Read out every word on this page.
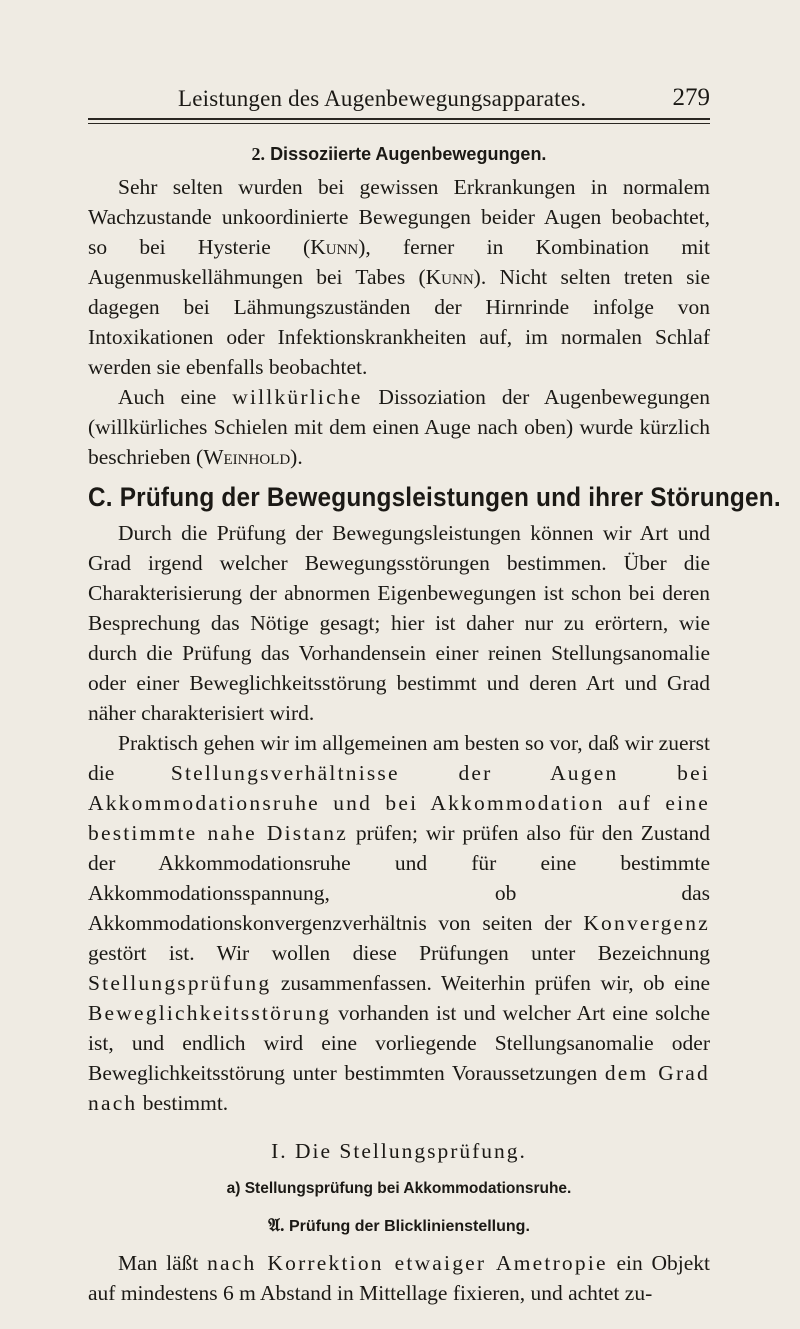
Leistungen des Augenbewegungsapparates.	279
2. Dissoziierte Augenbewegungen.

Sehr selten wurden bei gewissen Erkrankungen in normalem Wachzustande unkoordinierte Bewegungen beider Augen beobachtet, so bei Hysterie (Kunn), ferner in Kombination mit Augenmuskellähmungen bei Tabes (Kunn). Nicht selten treten sie dagegen bei Lähmungszuständen der Hirnrinde infolge von Intoxikationen oder Infektionskrankheiten auf, im normalen Schlaf werden sie ebenfalls beobachtet.

Auch eine willkürliche Dissoziation der Augenbewegungen (willkürliches Schielen mit dem einen Auge nach oben) wurde kürzlich beschrieben (Weinhold).

C. Prüfung der Bewegungsleistungen und ihrer Störungen.

Durch die Prüfung der Bewegungsleistungen können wir Art und Grad irgend welcher Bewegungsstörungen bestimmen. Über die Charakterisierung der abnormen Eigenbewegungen ist schon bei deren Besprechung das Nötige gesagt; hier ist daher nur zu erörtern, wie durch die Prüfung das Vorhandensein einer reinen Stellungsanomalie oder einer Beweglichkeitsstörung bestimmt und deren Art und Grad näher charakterisiert wird.

Praktisch gehen wir im allgemeinen am besten so vor, daß wir zuerst die Stellungsverhältnisse der Augen bei Akkommodationsruhe und bei Akkommodation auf eine bestimmte nahe Distanz prüfen; wir prüfen also für den Zustand der Akkommodationsruhe und für eine bestimmte Akkommodationsspannung, ob das Akkommodationskonvergenzverhältnis von seiten der Konvergenz gestört ist. Wir wollen diese Prüfungen unter Bezeichnung Stellungsprüfung zusammenfassen. Weiterhin prüfen wir, ob eine Beweglichkeitsstörung vorhanden ist und welcher Art eine solche ist, und endlich wird eine vorliegende Stellungsanomalie oder Beweglichkeitsstörung unter bestimmten Voraussetzungen dem Grad nach bestimmt.

I. Die Stellungsprüfung.
a) Stellungsprüfung bei Akkommodationsruhe.
𝔄. Prüfung der Blicklinienstellung.

Man läßt nach Korrektion etwaiger Ametropie ein Objekt auf mindestens 6 m Abstand in Mittellage fixieren, und achtet zu-
